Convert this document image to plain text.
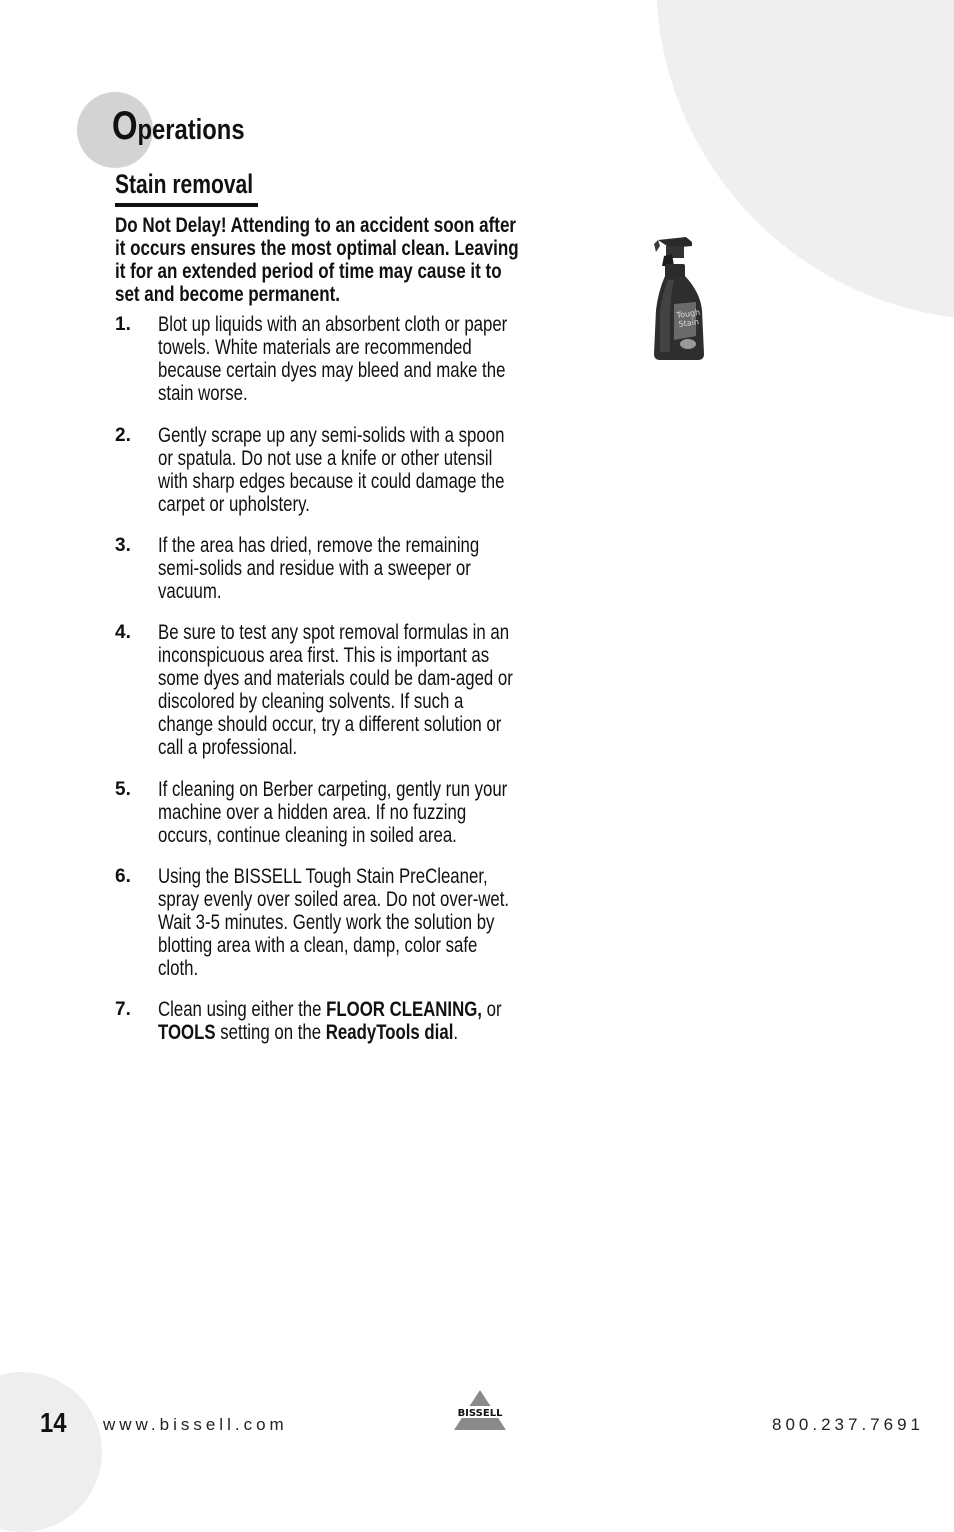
Operations
Stain removal

Do Not Delay! Attending to an accident soon after it occurs ensures the most optimal clean. Leaving it for an extended period of time may cause it to set and become permanent.

1. Blot up liquids with an absorbent cloth or paper towels. White materials are recommended because certain dyes may bleed and make the stain worse.

2. Gently scrape up any semi-solids with a spoon or spatula. Do not use a knife or other utensil with sharp edges because it could damage the carpet or upholstery.

3. If the area has dried, remove the remaining semi-solids and residue with a sweeper or vacuum.

4. Be sure to test any spot removal formulas in an inconspicuous area first. This is important as some dyes and materials could be dam-aged or discolored by cleaning solvents. If such a change should occur, try a different solution or call a professional.

5. If cleaning on Berber carpeting, gently run your machine over a hidden area. If no fuzzing occurs, continue cleaning in soiled area.

6. Using the BISSELL Tough Stain PreCleaner, spray evenly over soiled area. Do not over-wet. Wait 3-5 minutes. Gently work the solution by blotting area with a clean, damp, color safe cloth.

7. Clean using either the FLOOR CLEANING, or TOOLS setting on the ReadyTools dial.

Tough
Stain
14 www.bissell.com
BISSELL
800.237.7691
